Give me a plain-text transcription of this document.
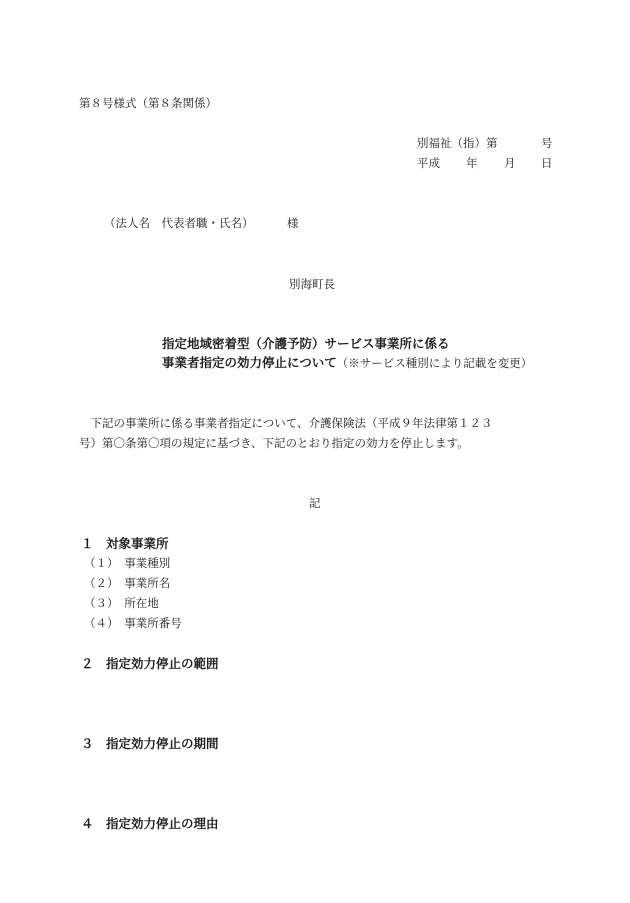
第８号様式（第８条関係）
別福祉（指）第	号
平成 年 月 日
（法人名　代表者職・氏名）	様
別海町長
指定地域密着型（介護予防）サービス事業所に係る
事業者指定の効力停止について（※サービス種別により記載を変更）
　下記の事業所に係る事業者指定について、介護保険法（平成９年法律第１２３
号）第〇条第〇項の規定に基づき、下記のとおり指定の効力を停止します。
記
１ 対象事業所
（１）　事業種別
（２）　事業所名
（３）　所在地
（４）　事業所番号
２ 指定効力停止の範囲
３ 指定効力停止の期間
４ 指定効力停止の理由
